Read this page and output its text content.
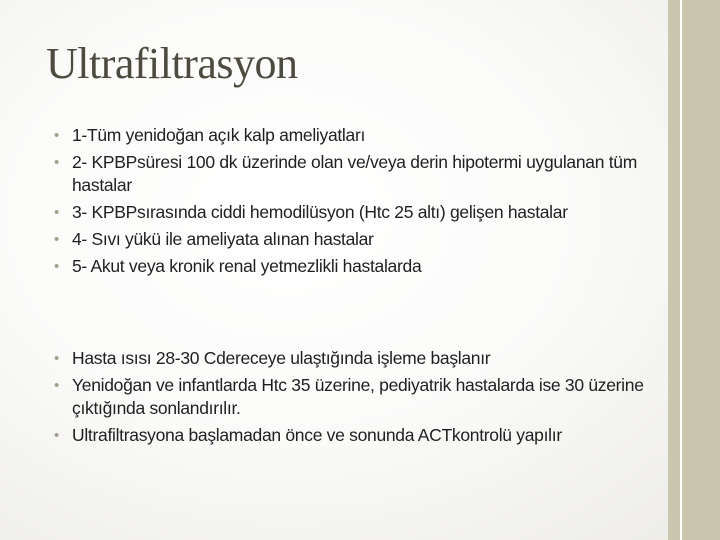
Ultrafiltrasyon
• 1-Tüm yenidoğan açık kalp ameliyatları
• 2- KPBPsüresi 100 dk üzerinde olan ve/veya derin hipotermi uygulanan tüm hastalar
• 3- KPBPsırasında ciddi hemodilüsyon (Htc 25 altı) gelişen hastalar
• 4- Sıvı yükü ile ameliyata alınan hastalar
• 5- Akut veya kronik renal yetmezlikli hastalarda
• Hasta ısısı 28-30 Cdereceye ulaştığında işleme başlanır
• Yenidoğan ve infantlarda Htc 35 üzerine, pediyatrik hastalarda ise 30 üzerine çıktığında sonlandırılır.
• Ultrafiltrasyona başlamadan önce ve sonunda ACTkontrolü yapılır
